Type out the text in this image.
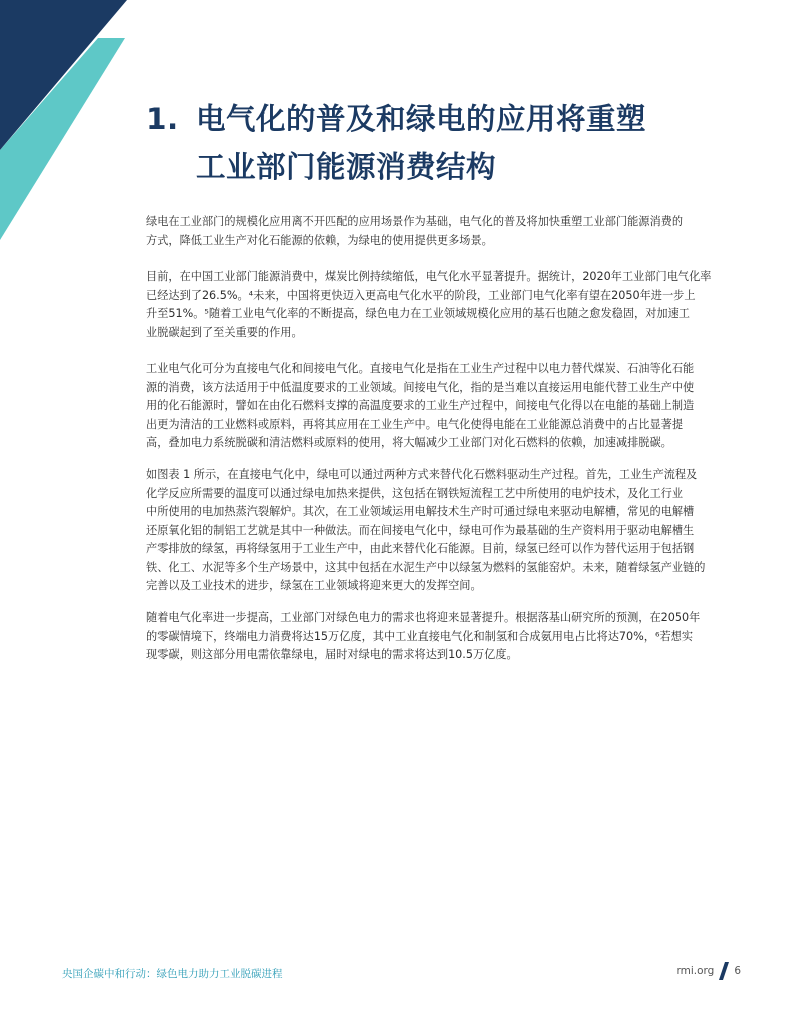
1. 电气化的普及和绿电的应用将重塑
工业部门能源消费结构

绿电在工业部门的规模化应用离不开匹配的应用场景作为基础，电气化的普及将加快重塑工业部门能源消费的
方式，降低工业生产对化石能源的依赖，为绿电的使用提供更多场景。

目前，在中国工业部门能源消费中，煤炭比例持续缩低，电气化水平显著提升。据统计，2020年工业部门电气化率
已经达到了26.5%。⁴未来，中国将更快迈入更高电气化水平的阶段，工业部门电气化率有望在2050年进一步上
升至51%。⁵随着工业电气化率的不断提高，绿色电力在工业领域规模化应用的基石也随之愈发稳固，对加速工
业脱碳起到了至关重要的作用。

工业电气化可分为直接电气化和间接电气化。直接电气化是指在工业生产过程中以电力替代煤炭、石油等化石能
源的消费，该方法适用于中低温度要求的工业领域。间接电气化，指的是当难以直接运用电能代替工业生产中使
用的化石能源时，譬如在由化石燃料支撑的高温度要求的工业生产过程中，间接电气化得以在电能的基础上制造
出更为清洁的工业燃料或原料，再将其应用在工业生产中。电气化使得电能在工业能源总消费中的占比显著提
高，叠加电力系统脱碳和清洁燃料或原料的使用，将大幅减少工业部门对化石燃料的依赖，加速减排脱碳。

如图表 1 所示，在直接电气化中，绿电可以通过两种方式来替代化石燃料驱动生产过程。首先，工业生产流程及
化学反应所需要的温度可以通过绿电加热来提供，这包括在钢铁短流程工艺中所使用的电炉技术，及化工行业
中所使用的电加热蒸汽裂解炉。其次，在工业领域运用电解技术生产时可通过绿电来驱动电解槽，常见的电解槽
还原氧化铝的制铝工艺就是其中一种做法。而在间接电气化中，绿电可作为最基础的生产资料用于驱动电解槽生
产零排放的绿氢，再将绿氢用于工业生产中，由此来替代化石能源。目前，绿氢已经可以作为替代运用于包括钢
铁、化工、水泥等多个生产场景中，这其中包括在水泥生产中以绿氢为燃料的氢能窑炉。未来，随着绿氢产业链的
完善以及工业技术的进步，绿氢在工业领域将迎来更大的发挥空间。

随着电气化率进一步提高，工业部门对绿色电力的需求也将迎来显著提升。根据落基山研究所的预测，在2050年
的零碳情境下，终端电力消费将达15万亿度，其中工业直接电气化和制氢和合成氨用电占比将达70%，⁶若想实
现零碳，则这部分用电需依靠绿电，届时对绿电的需求将达到10.5万亿度。

央国企碳中和行动：绿色电力助力工业脱碳进程	rmi.org 6
